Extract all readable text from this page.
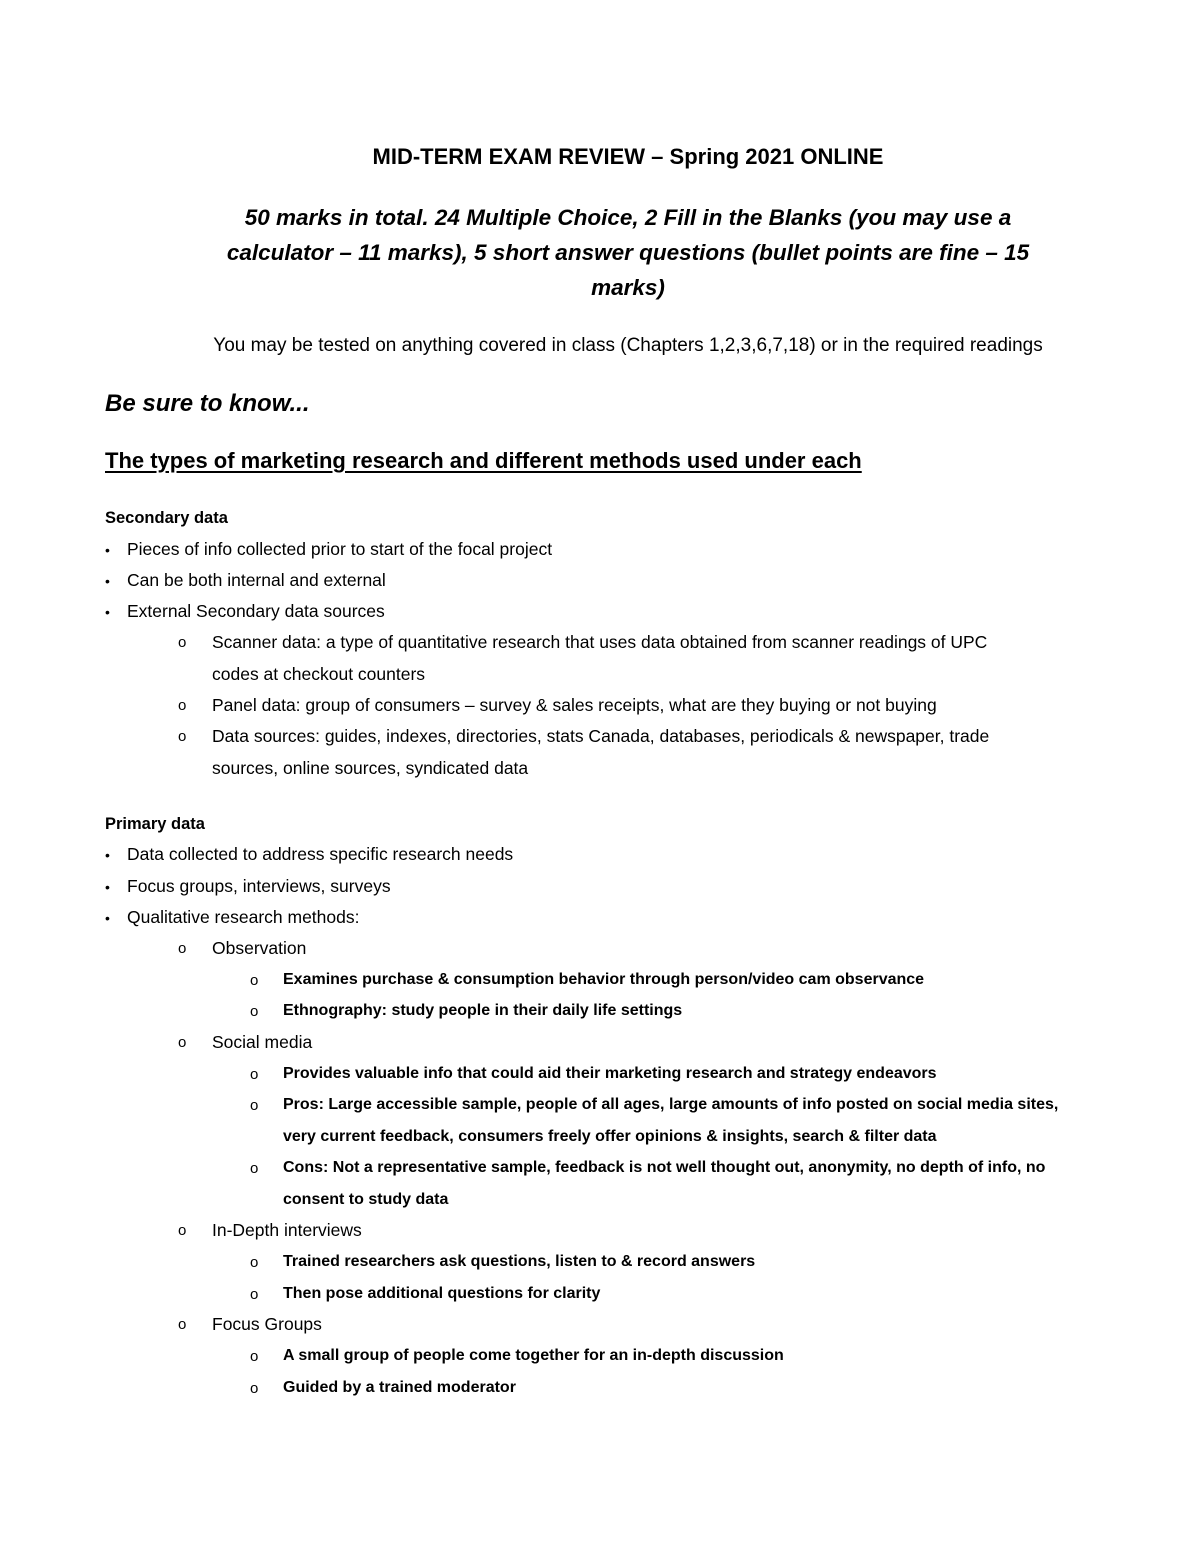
MID-TERM EXAM REVIEW – Spring 2021 ONLINE
50 marks in total. 24 Multiple Choice, 2 Fill in the Blanks (you may use a
calculator – 11 marks), 5 short answer questions (bullet points are fine – 15
marks)
You may be tested on anything covered in class (Chapters 1,2,3,6,7,18) or in the required readings
Be sure to know...
The types of marketing research and different methods used under each
Secondary data
• Pieces of info collected prior to start of the focal project
• Can be both internal and external
• External Secondary data sources
o Scanner data: a type of quantitative research that uses data obtained from scanner readings of UPC
codes at checkout counters
o Panel data: group of consumers – survey & sales receipts, what are they buying or not buying
o Data sources: guides, indexes, directories, stats Canada, databases, periodicals & newspaper, trade
sources, online sources, syndicated data
Primary data
• Data collected to address specific research needs
• Focus groups, interviews, surveys
• Qualitative research methods:
o Observation
o Examines purchase & consumption behavior through person/video cam observance
o Ethnography: study people in their daily life settings
o Social media
o Provides valuable info that could aid their marketing research and strategy endeavors
o Pros: Large accessible sample, people of all ages, large amounts of info posted on social media sites,
very current feedback, consumers freely offer opinions & insights, search & filter data
o Cons: Not a representative sample, feedback is not well thought out, anonymity, no depth of info, no
consent to study data
o In-Depth interviews
o Trained researchers ask questions, listen to & record answers
o Then pose additional questions for clarity
o Focus Groups
o A small group of people come together for an in-depth discussion
o Guided by a trained moderator
